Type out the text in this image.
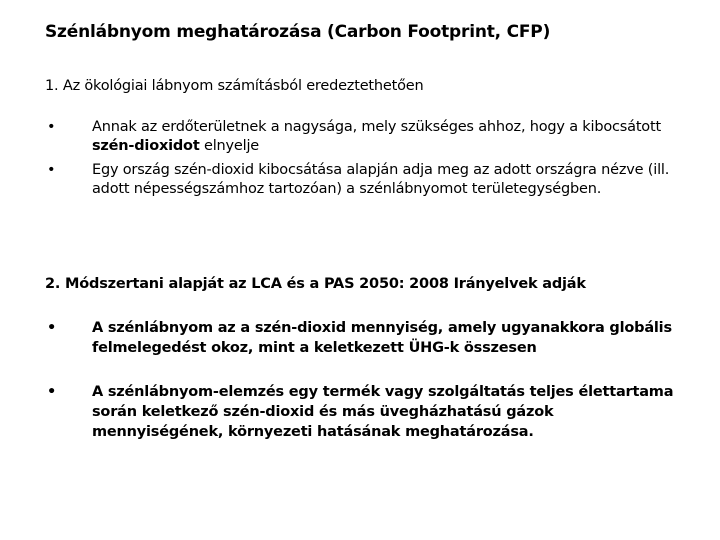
Szénlábnyom meghatározása (Carbon Footprint, CFP)
1. Az ökológiai lábnyom számításból eredeztethetően
•	Annak az erdőterületnek a nagysága, mely szükséges ahhoz, hogy a kibocsátott szén-dioxidot elnyelje
•	Egy ország szén-dioxid kibocsátása alapján adja meg az adott országra nézve (ill. adott népességszámhoz tartozóan) a szénlábnyomot területegységben.
2. Módszertani alapját az LCA és a PAS 2050: 2008 Irányelvek adják
• A szénlábnyom az a szén-dioxid mennyiség, amely ugyanakkora globális felmelegedést okoz, mint a keletkezett ÜHG-k összesen
• A szénlábnyom-elemzés egy termék vagy szolgáltatás teljes élettartama során keletkező szén-dioxid és más üvegházhatású gázok mennyiségének, környezeti hatásának meghatározása.
